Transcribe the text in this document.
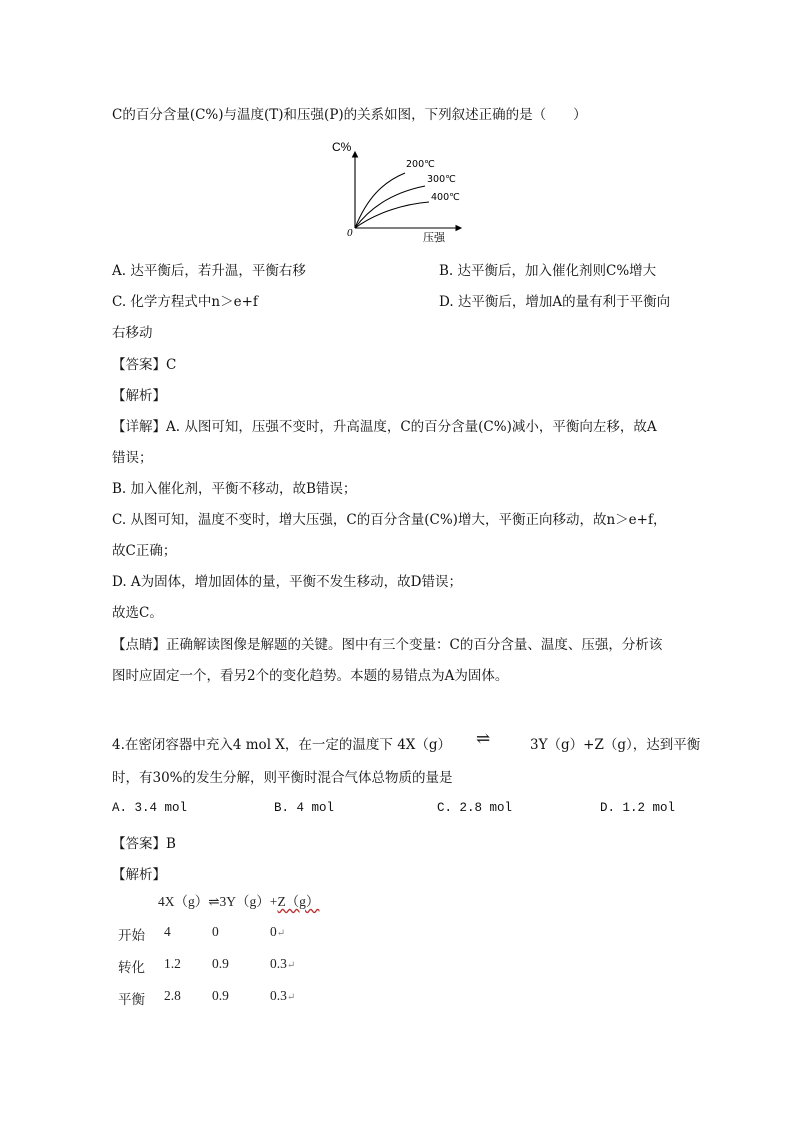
C的百分含量(C%)与温度(T)和压强(P)的关系如图，下列叙述正确的是（　　）
C%
压强
0
200℃
300℃
400℃
A. 达平衡后，若升温，平衡右移	B. 达平衡后，加入催化剂则C%增大
C. 化学方程式中n＞e+f	D. 达平衡后，增加A的量有利于平衡向
右移动
【答案】C
【解析】
【详解】A. 从图可知，压强不变时，升高温度，C的百分含量(C%)减小，平衡向左移，故A
错误；
B. 加入催化剂，平衡不移动，故B错误；
C. 从图可知，温度不变时，增大压强，C的百分含量(C%)增大，平衡正向移动，故n＞e+f，
故C正确；
D. A为固体，增加固体的量，平衡不发生移动，故D错误；
故选C。
【点睛】正确解读图像是解题的关键。图中有三个变量：C的百分含量、温度、压强，分析该
图时应固定一个，看另2个的变化趋势。本题的易错点为A为固体。
4.在密闭容器中充入4 mol X，在一定的温度下 4X（g） ⇌	3Y（g）+Z（g），达到平衡
时，有30%的发生分解，则平衡时混合气体总物质的量是
A. 3.4 mol	B. 4 mol	C. 2.8 mol	D. 1.2 mol
【答案】B
【解析】
4X（g）⇌3Y（g）+Z（g）
开始 4	0	0↵
转化 1.2 0.9	0.3↵
平衡 2.8 0.9	0.3↵
